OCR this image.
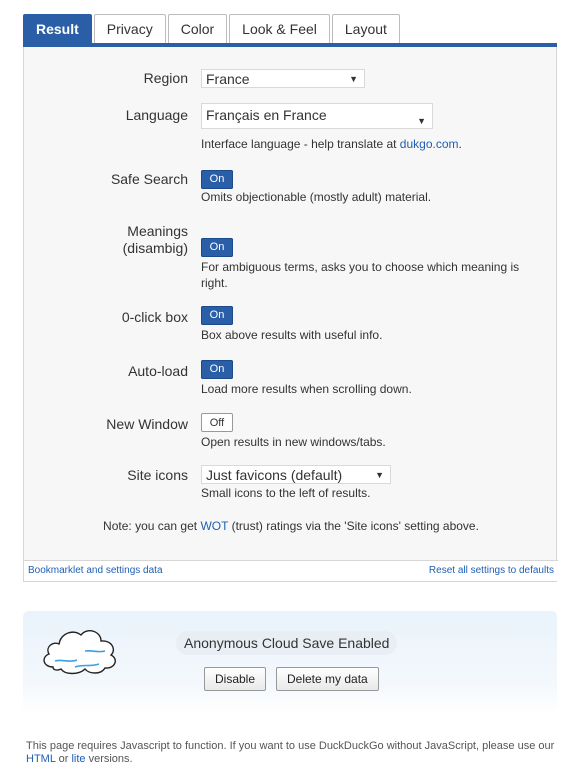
Result	Privacy	Color	Look & Feel	Layout
Region	France	▼
Language	Français en France	▼
Interface language - help translate at dukgo.com.
Safe Search	On
Omits objectionable (mostly adult) material.
Meanings
(disambig)	On
For ambiguous terms, asks you to choose which meaning is right.
0-click box	On
Box above results with useful info.
Auto-load	On
Load more results when scrolling down.
New Window	Off
Open results in new windows/tabs.
Site icons	Just favicons (default)	▼
Small icons to the left of results.
Note: you can get WOT (trust) ratings via the 'Site icons' setting above.
Bookmarklet and settings data	Reset all settings to defaults
Anonymous Cloud Save Enabled
Disable	Delete my data
This page requires Javascript to function. If you want to use DuckDuckGo without JavaScript, please use our HTML or lite versions.
